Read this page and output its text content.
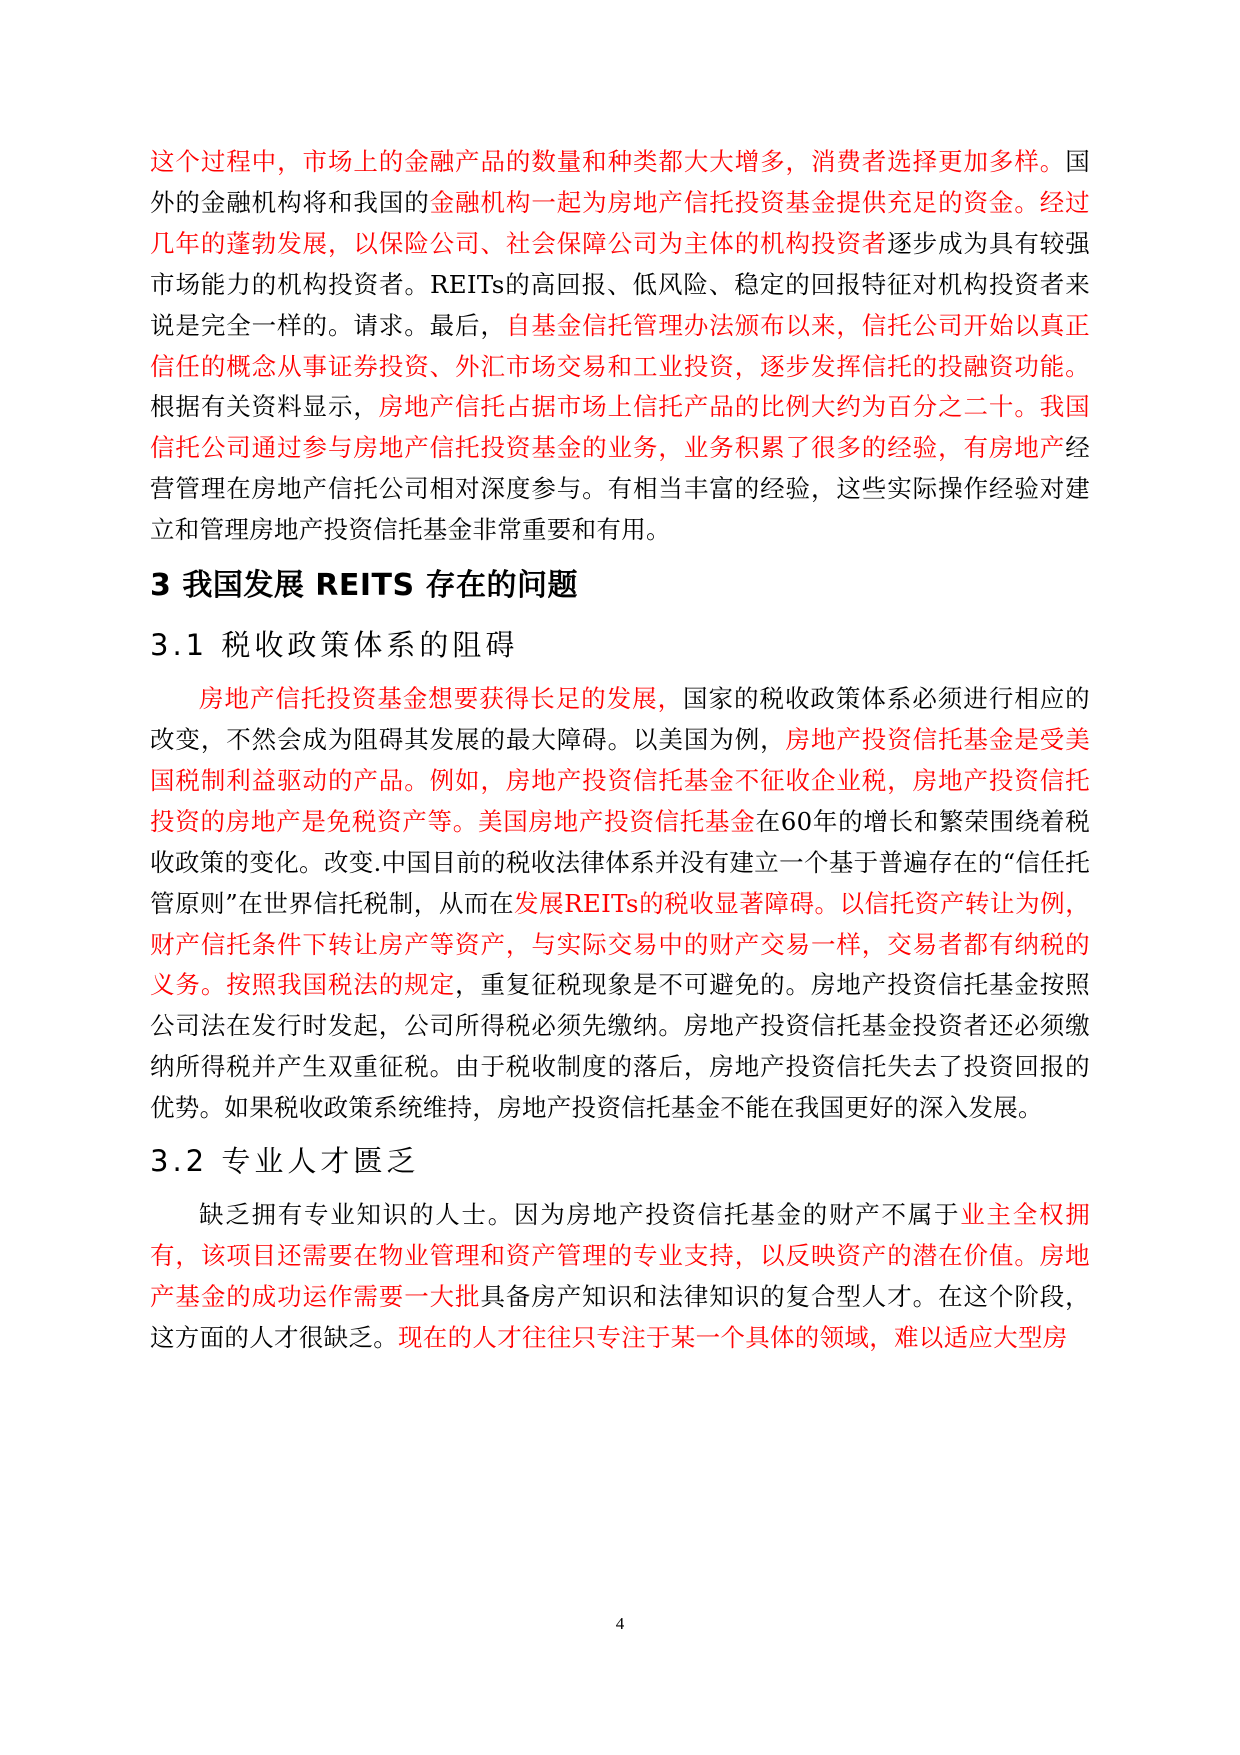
这个过程中，市场上的金融产品的数量和种类都大大增多，消费者选择更加多样。国外的金融机构将和我国的金融机构一起为房地产信托投资基金提供充足的资金。经过几年的蓬勃发展，以保险公司、社会保障公司为主体的机构投资者逐步成为具有较强市场能力的机构投资者。REITs的高回报、低风险、稳定的回报特征对机构投资者来说是完全一样的。请求。最后，自基金信托管理办法颁布以来，信托公司开始以真正信任的概念从事证券投资、外汇市场交易和工业投资，逐步发挥信托的投融资功能。根据有关资料显示，房地产信托占据市场上信托产品的比例大约为百分之二十。我国信托公司通过参与房地产信托投资基金的业务，业务积累了很多的经验，有房地产经营管理在房地产信托公司相对深度参与。有相当丰富的经验，这些实际操作经验对建立和管理房地产投资信托基金非常重要和有用。

3 我国发展 REITS 存在的问题
3.1 税收政策体系的阻碍

房地产信托投资基金想要获得长足的发展，国家的税收政策体系必须进行相应的改变，不然会成为阻碍其发展的最大障碍。以美国为例，房地产投资信托基金是受美国税制利益驱动的产品。例如，房地产投资信托基金不征收企业税，房地产投资信托投资的房地产是免税资产等。美国房地产投资信托基金在60年的增长和繁荣围绕着税收政策的变化。改变.中国目前的税收法律体系并没有建立一个基于普遍存在的“信任托管原则”在世界信托税制，从而在发展REITs的税收显著障碍。以信托资产转让为例，财产信托条件下转让房产等资产，与实际交易中的财产交易一样，交易者都有纳税的义务。按照我国税法的规定，重复征税现象是不可避免的。房地产投资信托基金按照公司法在发行时发起，公司所得税必须先缴纳。房地产投资信托基金投资者还必须缴纳所得税并产生双重征税。由于税收制度的落后，房地产投资信托失去了投资回报的优势。如果税收政策系统维持，房地产投资信托基金不能在我国更好的深入发展。

3.2 专业人才匮乏

缺乏拥有专业知识的人士。因为房地产投资信托基金的财产不属于业主全权拥有，该项目还需要在物业管理和资产管理的专业支持，以反映资产的潜在价值。房地产基金的成功运作需要一大批具备房产知识和法律知识的复合型人才。在这个阶段，这方面的人才很缺乏。现在的人才往往只专注于某一个具体的领域，难以适应大型房

4
